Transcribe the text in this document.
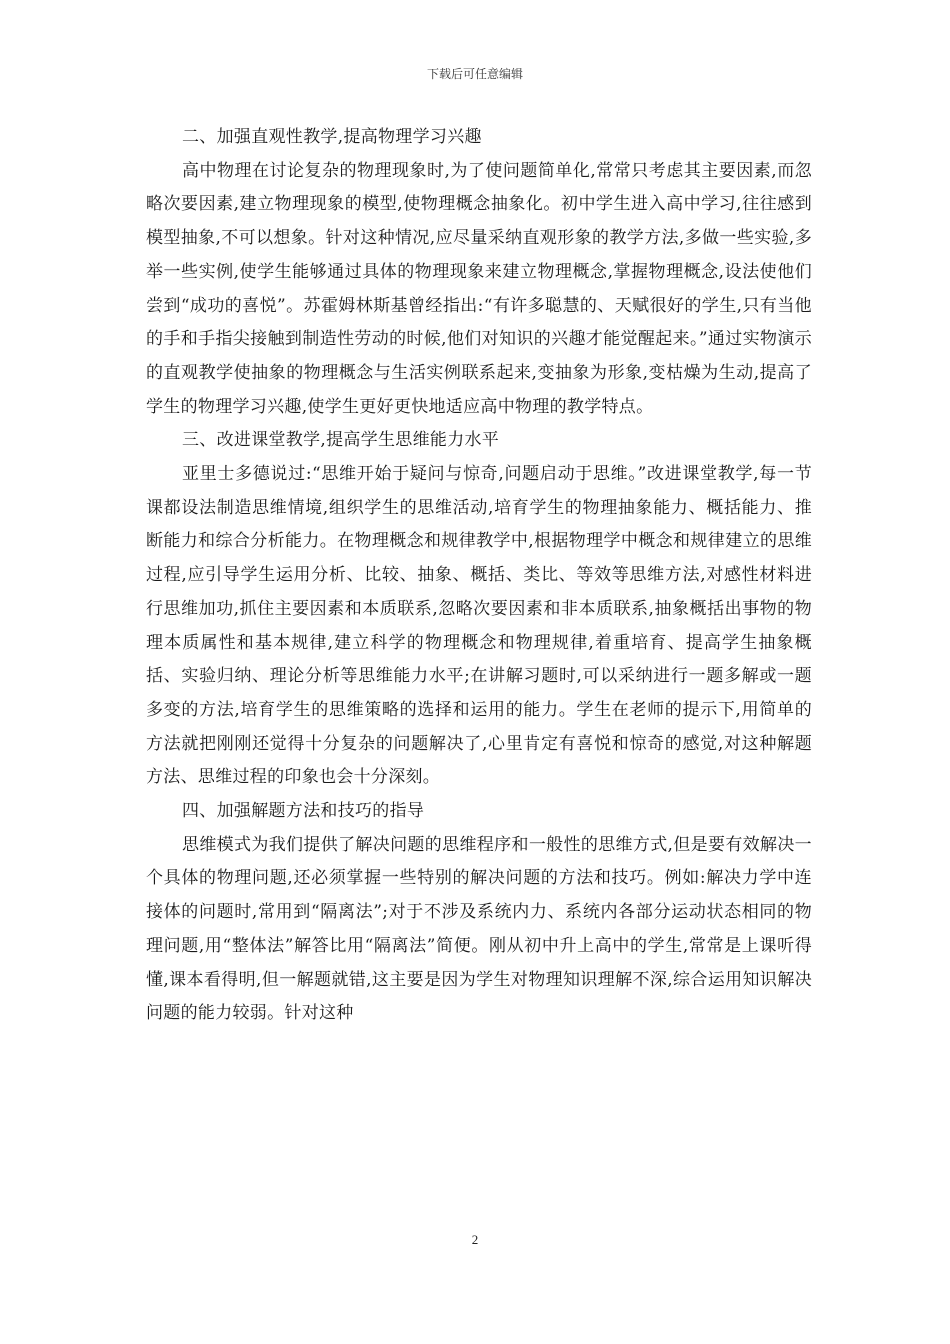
下载后可任意编辑

二、加强直观性教学,提高物理学习兴趣

高中物理在讨论复杂的物理现象时,为了使问题简单化,常常只考虑其主要因素,而忽略次要因素,建立物理现象的模型,使物理概念抽象化。初中学生进入高中学习,往往感到模型抽象,不可以想象。针对这种情况,应尽量采纳直观形象的教学方法,多做一些实验,多举一些实例,使学生能够通过具体的物理现象来建立物理概念,掌握物理概念,设法使他们尝到“成功的喜悦”。苏霍姆林斯基曾经指出:“有许多聪慧的、天赋很好的学生,只有当他的手和手指尖接触到制造性劳动的时候,他们对知识的兴趣才能觉醒起来。”通过实物演示的直观教学使抽象的物理概念与生活实例联系起来,变抽象为形象,变枯燥为生动,提高了学生的物理学习兴趣,使学生更好更快地适应高中物理的教学特点。

三、改进课堂教学,提高学生思维能力水平

亚里士多德说过:“思维开始于疑问与惊奇,问题启动于思维。”改进课堂教学,每一节课都设法制造思维情境,组织学生的思维活动,培育学生的物理抽象能力、概括能力、推断能力和综合分析能力。在物理概念和规律教学中,根据物理学中概念和规律建立的思维过程,应引导学生运用分析、比较、抽象、概括、类比、等效等思维方法,对感性材料进行思维加功,抓住主要因素和本质联系,忽略次要因素和非本质联系,抽象概括出事物的物理本质属性和基本规律,建立科学的物理概念和物理规律,着重培育、提高学生抽象概括、实验归纳、理论分析等思维能力水平;在讲解习题时,可以采纳进行一题多解或一题多变的方法,培育学生的思维策略的选择和运用的能力。学生在老师的提示下,用简单的方法就把刚刚还觉得十分复杂的问题解决了,心里肯定有喜悦和惊奇的感觉,对这种解题方法、思维过程的印象也会十分深刻。

四、加强解题方法和技巧的指导

思维模式为我们提供了解决问题的思维程序和一般性的思维方式,但是要有效解决一个具体的物理问题,还必须掌握一些特别的解决问题的方法和技巧。例如:解决力学中连接体的问题时,常用到“隔离法”;对于不涉及系统内力、系统内各部分运动状态相同的物理问题,用“整体法”解答比用“隔离法”简便。刚从初中升上高中的学生,常常是上课听得懂,课本看得明,但一解题就错,这主要是因为学生对物理知识理解不深,综合运用知识解决问题的能力较弱。针对这种

2
